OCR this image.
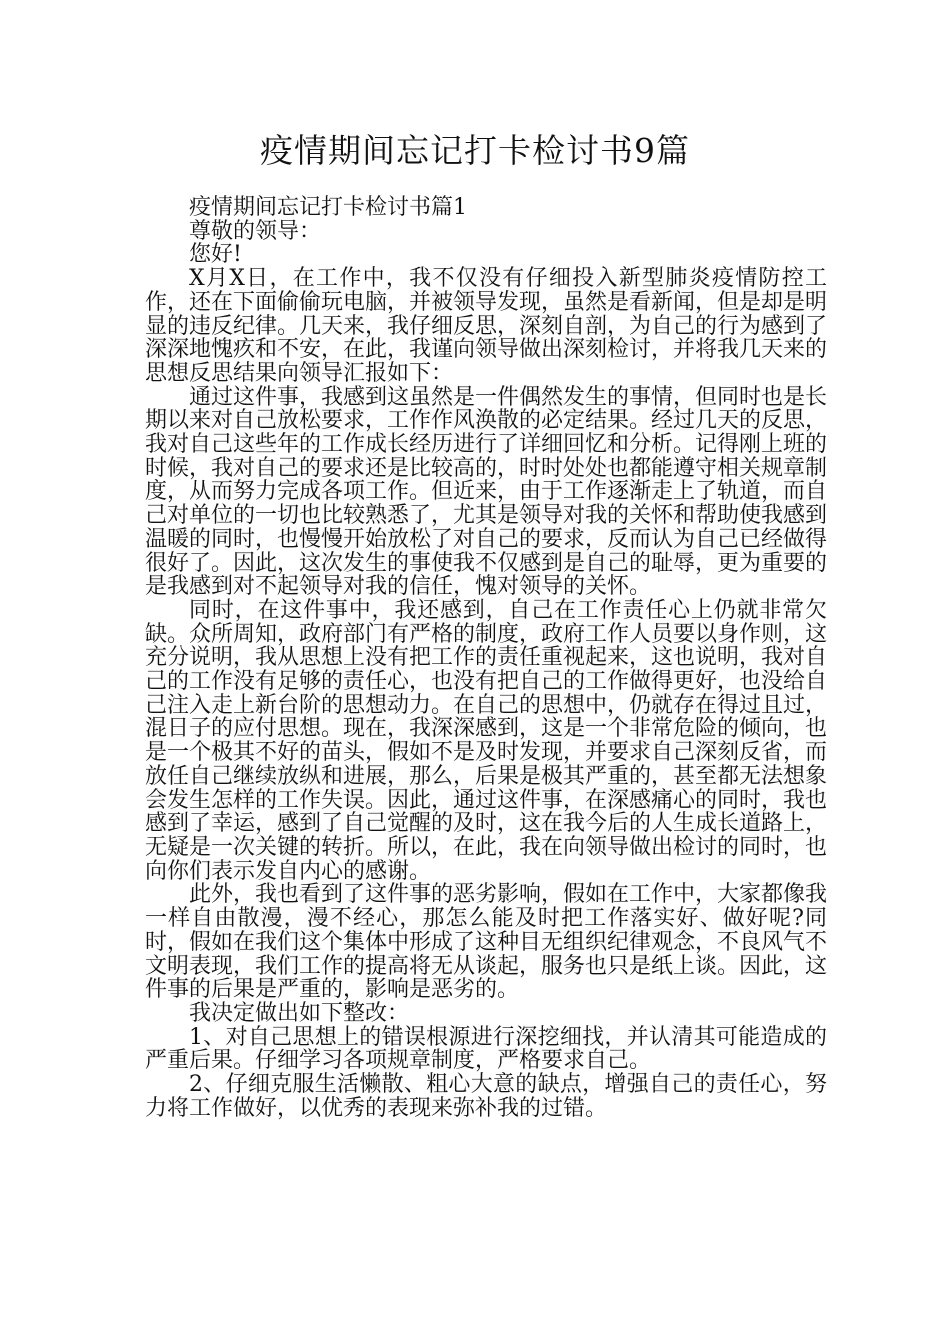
疫情期间忘记打卡检讨书9篇

疫情期间忘记打卡检讨书篇1

尊敬的领导：

您好!

X月X日，在工作中，我不仅没有仔细投入新型肺炎疫情防控工作，还在下面偷偷玩电脑，并被领导发现，虽然是看新闻，但是却是明显的违反纪律。几天来，我仔细反思，深刻自剖，为自己的行为感到了深深地愧疚和不安，在此，我谨向领导做出深刻检讨，并将我几天来的思想反思结果向领导汇报如下：

通过这件事，我感到这虽然是一件偶然发生的事情，但同时也是长期以来对自己放松要求，工作作风涣散的必定结果。经过几天的反思，我对自己这些年的工作成长经历进行了详细回忆和分析。记得刚上班的时候，我对自己的要求还是比较高的，时时处处也都能遵守相关规章制度，从而努力完成各项工作。但近来，由于工作逐渐走上了轨道，而自己对单位的一切也比较熟悉了，尤其是领导对我的关怀和帮助使我感到温暖的同时，也慢慢开始放松了对自己的要求，反而认为自己已经做得很好了。因此，这次发生的事使我不仅感到是自己的耻辱，更为重要的是我感到对不起领导对我的信任，愧对领导的关怀。

同时，在这件事中，我还感到，自己在工作责任心上仍就非常欠缺。众所周知，政府部门有严格的制度，政府工作人员要以身作则，这充分说明，我从思想上没有把工作的责任重视起来，这也说明，我对自己的工作没有足够的责任心，也没有把自己的工作做得更好，也没给自己注入走上新台阶的思想动力。在自己的思想中，仍就存在得过且过，混日子的应付思想。现在，我深深感到，这是一个非常危险的倾向，也是一个极其不好的苗头，假如不是及时发现，并要求自己深刻反省，而放任自己继续放纵和进展，那么，后果是极其严重的，甚至都无法想象会发生怎样的工作失误。因此，通过这件事，在深感痛心的同时，我也感到了幸运，感到了自己觉醒的及时，这在我今后的人生成长道路上，无疑是一次关键的转折。所以，在此，我在向领导做出检讨的同时，也向你们表示发自内心的感谢。

此外，我也看到了这件事的恶劣影响，假如在工作中，大家都像我一样自由散漫，漫不经心，那怎么能及时把工作落实好、做好呢?同时，假如在我们这个集体中形成了这种目无组织纪律观念，不良风气不文明表现，我们工作的提高将无从谈起，服务也只是纸上谈。因此，这件事的后果是严重的，影响是恶劣的。

我决定做出如下整改：

1、对自己思想上的错误根源进行深挖细找，并认清其可能造成的严重后果。仔细学习各项规章制度，严格要求自己。

2、仔细克服生活懒散、粗心大意的缺点，增强自己的责任心，努力将工作做好，以优秀的表现来弥补我的过错。
